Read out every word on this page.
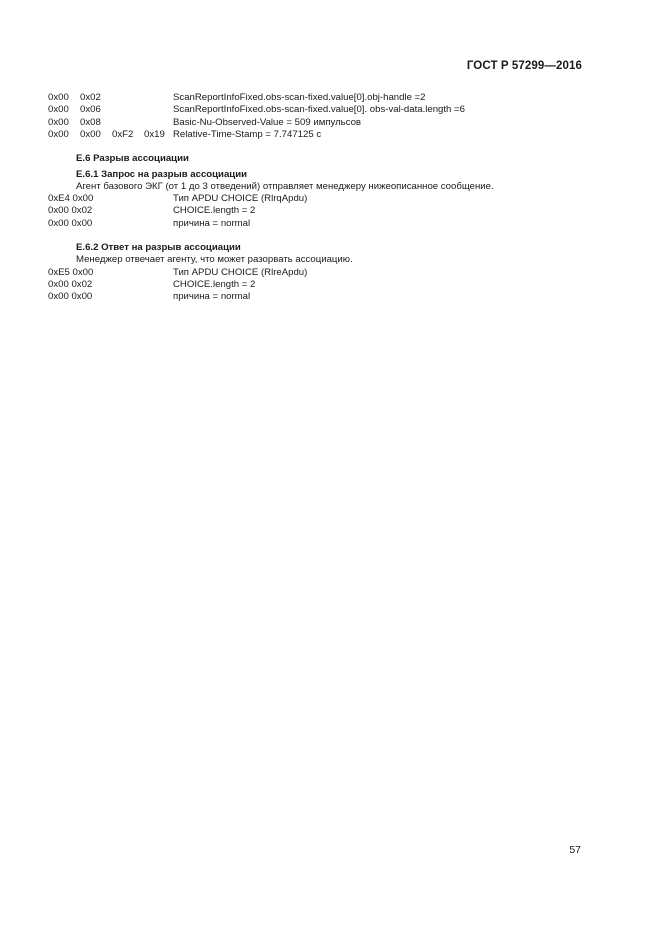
ГОСТ Р 57299—2016
0x00 0x02	ScanReportInfoFixed.obs-scan-fixed.value[0].obj-handle =2
0x00 0x06	ScanReportInfoFixed.obs-scan-fixed.value[0]. obs-val-data.length =6
0x00 0x08	Basic-Nu-Observed-Value = 509 импульсов
0x00 0x00 0xF2 0x19 Relative-Time-Stamp = 7.747125 с
Е.6 Разрыв ассоциации
Е.6.1 Запрос на разрыв ассоциации
Агент базового ЭКГ (от 1 до 3 отведений) отправляет менеджеру нижеописанное сообщение.
0xE4 0x00	Тип APDU CHOICE (RlrqApdu)
0x00 0x02	CHOICE.length = 2
0x00 0x00	причина = normal
Е.6.2 Ответ на разрыв ассоциации
Менеджер отвечает агенту, что может разорвать ассоциацию.
0xE5 0x00	Тип APDU CHOICE (RlreApdu)
0x00 0x02	CHOICE.length = 2
0x00 0x00	причина = normal
57
